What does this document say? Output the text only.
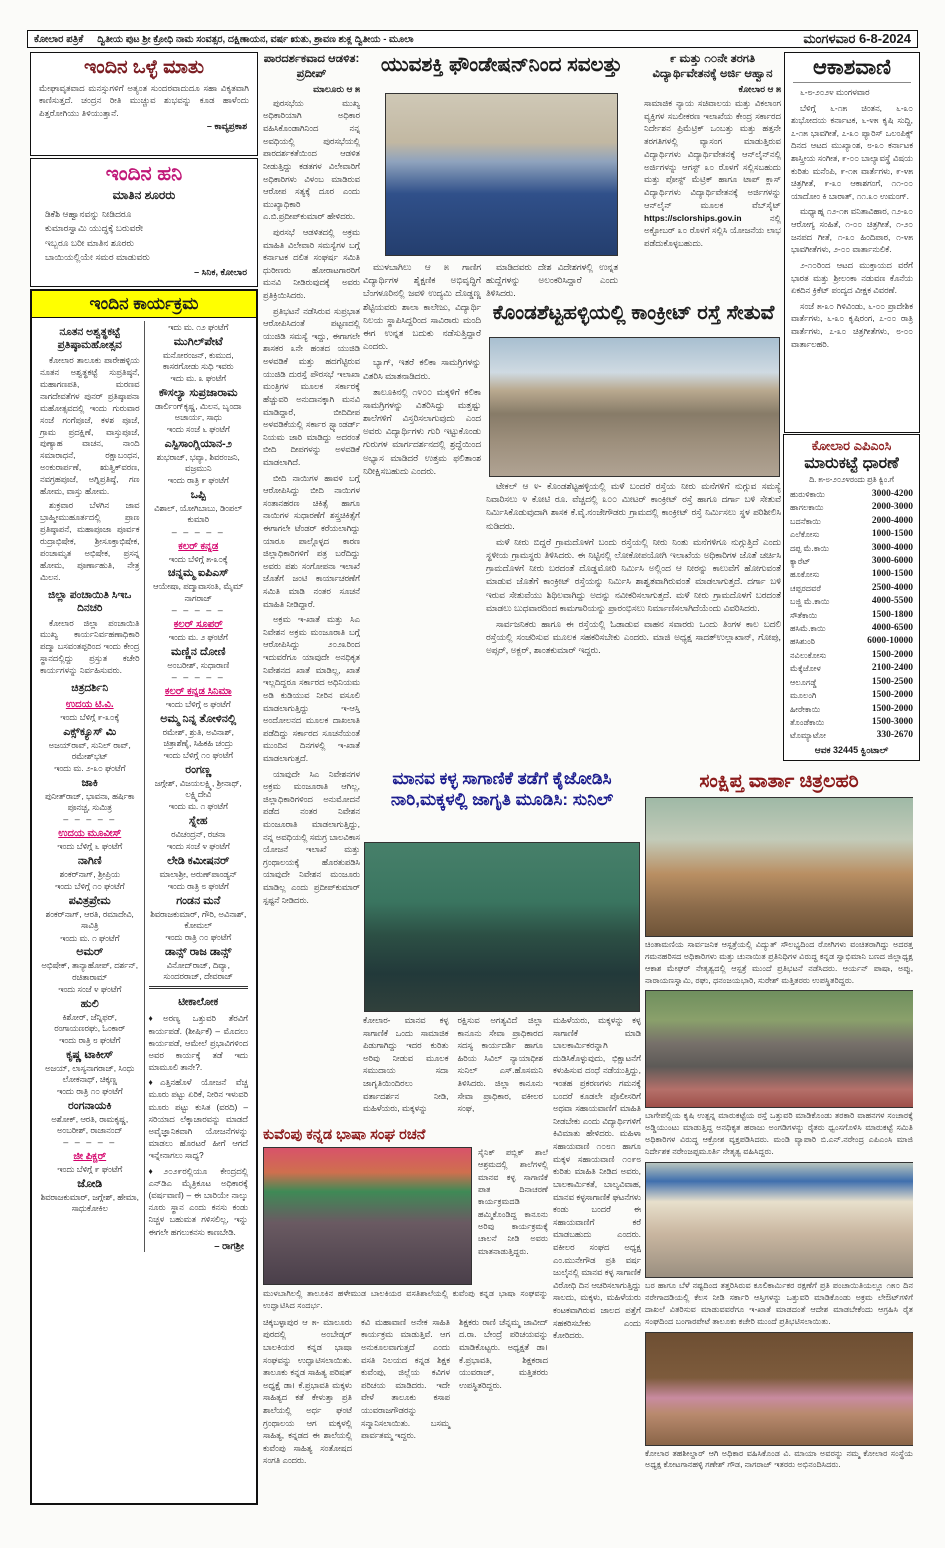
ಕೋಲಾರ ಪತ್ರಿಕೆ ದ್ವಿತೀಯ ಪುಟ ಶ್ರೀ ಕ್ರೋಧಿ ನಾಮ ಸಂವತ್ಸರ, ದಕ್ಷಿಣಾಯನ, ವರ್ಷ ಋತು, ಶ್ರಾವಣ ಶುಕ್ಲ ದ್ವಿತೀಯ - ಮೂಲಾ	ಮಂಗಳವಾರ 6-8-2024
ಇಂದಿನ ಒಳ್ಳೆ ಮಾತು
ಮೇಘಾವೃತವಾದ ಮನಸ್ಸುಗಳಿಗೆ ಅತ್ಯಂತ ಸುಂದರವಾದುದೂ ಸಹಾ ವಿಕೃತವಾಗಿ ಕಾಣಿಸುತ್ತದೆ. ಚಂದ್ರನ ರೀತಿ ಮುಚ್ಚುವ ಶುಭವನ್ನು ಕೂಡ ಹಾಳೆಂದು ಪಿತ್ತರೋಗಿಯು ತಿಳಿಯುತ್ತಾನೆ.
– ಕಾವ್ಯಪ್ರಕಾಶ
ಇಂದಿನ ಹನಿ
ಮಾತಿನ ಶೂರರು
ಡಿಕೆಶಿ ಆಹ್ವಾನವನ್ನು ನೀಡಿದರೂ
ಕುಮಾರಸ್ವಾಮಿ ಯುದ್ಧಕ್ಕೆ ಬರುವರೇ
ಇಬ್ಬರೂ ಬರೀ ಮಾತಿನ ಶೂರರು
ಬಾಯಿಯಲ್ಲಿಯೇ ಸಮರ ಮಾಡುವರು
– ಸಿನಿಕ, ಕೋಲಾರ
ಇಂದಿನ ಕಾರ್ಯಕ್ರಮ
ನೂತನ ಅಶ್ವತ್ಥಕಟ್ಟೆ ಪ್ರತಿಷ್ಠಾಮಹೋತ್ಸವ
ಕೋಲಾರ ತಾಲೂಕು ಪಾರೇಹಳ್ಳಿಯ ನೂತನ ಅಶ್ವತ್ಥಕಟ್ಟೆ ಸುಪ್ರತಿಷ್ಠನೆ, ಮಹಾಗಣಪತಿ, ಮರಣವ ನಾಗದೇವತೆಗಳ ಪುನರ್ ಪ್ರತಿಷ್ಠಾಪನಾ ಮಹೋತ್ಸವದಲ್ಲಿ ಇಂದು ಗುರುವಾರ ಸಂಜೆ ಗಂಗೆಪೂಜೆ, ಕಳಶ ಪೂಜೆ, ಗ್ರಾಮ ಪ್ರದಕ್ಷಿಣೆ, ವಾಸ್ತುಪೂಜೆ, ಪುಣ್ಯಾಹ ವಾಚನ, ನಾಂದಿ ಸಮಾರಾಧನೆ, ರಕ್ಷಾಬಂಧನ, ಅಂಕುರಾರ್ಪಣೆ, ಋತ್ವಿಕ್‌ವರಣ, ನವಗ್ರಹಪೂಜೆ, ಅಗ್ನಿಪ್ರತಿಷ್ಠೆ, ಗಣ ಹೋಮ, ವಾಸ್ತು ಹೋಮ.
ಶುಕ್ರವಾರ ಬೆಳಗಿನ ಜಾವ ಬ್ರಾಹ್ಮೀಮುಹೂರ್ತದಲ್ಲಿ ಪ್ರಾಣ ಪ್ರತಿಷ್ಠಾಪನೆ, ಮಹಾಪೂಜಾ ಪೂರ್ವಕ ರುದ್ರಾಭಿಷೇಕ, ಶ್ರೀಸೂಕ್ತಾಭಿಷೇಕ, ಪಂಚಾಮೃತ ಅಭಿಷೇಕ, ಪ್ರಸನ್ನ ಹೋಮ, ಪೂರ್ಣಾಹುತಿ, ನೇತ್ರ ಮಿಲನ.
ಜಿಲ್ಲಾ ಪಂಚಾಯಿತಿ ಸಿಇಒ ದಿನಚರಿ
ಕೋಲಾರ ಜಿಲ್ಲಾ ಪಂಚಾಯಿತಿ ಮುಖ್ಯ ಕಾರ್ಯನಿರ್ವಹಣಾಧಿಕಾರಿ ಪದ್ಮಾ ಬಸವಂತಪ್ಪರಿಂದ ಇಂದು ಕೇಂದ್ರ ಸ್ಥಾನದಲ್ಲಿದ್ದು ಪ್ರಸ್ತುತ ಕಚೇರಿ ಕಾರ್ಯಗಳನ್ನು ನಿರ್ವಹಿಸುವರು.
ಚಿತ್ರದರ್ಶಿನಿ
ಉದಯ ಟಿ.ವಿ.
ಇಂದು ಬೆಳಿಗ್ಗೆ ೯-೩೦ಕ್ಕೆ
ಎಕ್ಸ್‌ಕ್ಯೂಸ್ ಮಿ
ಅಜಯ್‌ರಾವ್, ಸುನಿಲ್ ರಾವ್, ರಮೇಶ್‌ಭಟ್
ಇಂದು ಮ. ೨-೩೦ ಘಂಟೆಗೆ
ಜಾಕಿ
ಪುನೀತ್‌ರಾಜ್, ಭಾವನಾ, ಹರ್ಷಿಕಾ ಪೂನಚ್ಚ, ಸುಮಿತ್ರ
– – – – –
ಉದಯ ಮೂವೀಸ್
ಇಂದು ಬೆಳಿಗ್ಗೆ ೬ ಘಂಟೆಗೆ
ನಾಗಿಣಿ
ಶಂಕರ್‌ನಾಗ್, ಶ್ರೀಪ್ರಿಯ
ಇಂದು ಬೆಳಿಗ್ಗೆ ೧೦ ಘಂಟೆಗೆ
ಪವಿತ್ರಪ್ರೇಮ
ಶಂಕರ್‌ನಾಗ್, ಆರತಿ, ರಮಾದೇವಿ, ಸಾವಿತ್ರಿ
ಇಂದು ಮ. ೧ ಘಂಟೆಗೆ
ಅಮರ್
ಅಭಿಷೇಕ್, ತಾನ್ಯಾಹೋಪ್, ದರ್ಶನ್, ರಚಿತಾರಾಮ್
ಇಂದು ಸಂಜೆ ೪ ಘಂಟೆಗೆ
ಹುಲಿ
ಕಿಶೋರ್, ಜೆನ್ನಿಫರ್, ರಂಗಾಯಣರಘು, ಓಂಕಾರ್
ಇಂದು ರಾತ್ರಿ ೮ ಘಂಟೆಗೆ
ಕೃಷ್ಣ ಟಾಕೀಸ್
ಅಜಯ್, ಲಾಸ್ಯನಾಗರಾಜ್, ಸಿಂಧು ಲೋಕನಾಥ್, ಚಿಕ್ಕಣ್ಣ
ಇಂದು ರಾತ್ರಿ ೧೦ ಘಂಟೆಗೆ
ರಂಗನಾಯಕಿ
ಅಶೋಕ್, ಆರತಿ, ರಾಮಕೃಷ್ಣ, ಅಂಬರೀಶ್, ರಾಜಾನಂದ್
– – – – –
ಜೀ ಪಿಕ್ಚರ್
ಇಂದು ಬೆಳಿಗ್ಗೆ ೯ ಘಂಟೆಗೆ
ಜೋಡಿ
ಶಿವರಾಜಕುಮಾರ್, ಜಗ್ಗೇಶ್, ಹೇಮಾ, ಸಾಧುಕೋಕಿಲ
ಇದು ಮ. ೧೨ ಘಂಟೆಗೆ
ಮುಗಿಲ್‌ಪೇಟೆ
ಮನೋರಂಜನ್, ಕುಮುದ, ಕಾಸರಗೋಡು ಸುಧಿ ಇವರು
ಇದು ಮ. ೩ ಘಂಟೆಗೆ
ಕೌಸಲ್ಯಾ ಸುಪ್ರಜಾರಾಮ
ಡಾರ್ಲಿಂಗ್‌ಕೃಷ್ಣ, ಮಿಲನ, ಬೃಂದಾ ಅಚಾರ್ಯ, ಸಾಧು
ಇಂದು ಸಂಜೆ ೬ ಘಂಟೆಗೆ
ಎಸ್ಪಿಸಾಂಗ್ಲಿಯಾನ-೨
ಶುಭರಾಜ್, ಭವ್ಯಾ, ಶಿವರಂಜನಿ, ವಜ್ರಮುನಿ
ಇಂದು ರಾತ್ರಿ ೯ ಘಂಟೆಗೆ
ಒಪ್ಪಿ
ವಿಶಾಲ್, ಯೋಗಿಬಾಬು, ಡಿಂಪಲ್ ಕುಮಾರಿ
– – – – –
ಕಲರ್ ಕನ್ನಡ
ಇಂದು ಬೆಳಿಗ್ಗೆ ೫-೩೦ಕ್ಕೆ
ಚನ್ನಮ್ಮ ಐಪಿಎಸ್
ಆಯೇಷಾ, ಪದ್ಮಾವಾಸಂತಿ, ಮೈಮ್ ನಾಗರಾಜ್
– – – – –
ಕಲರ್ ಸೂಪರ್
ಇಂದು ಮ. ೨ ಘಂಟೆಗೆ
ಮಣ್ಣಿನ ದೋಣಿ
ಅಂಬರೀಶ್, ಸುಧಾರಾಣಿ
– – – – –
ಕಲರ್ ಕನ್ನಡ ಸಿನಿಮಾ
ಇಂದು ಬೆಳಿಗ್ಗೆ ೮ ಘಂಟೆಗೆ
ಅಮ್ಮ ನಿನ್ನ ತೋಳಿನಲ್ಲಿ
ರಮೇಶ್, ಶ್ರುತಿ, ಅವಿನಾಶ್, ಚಿತ್ರಾಶೆಣೈ, ಸಿಹಿಕಹಿ ಚಂದ್ರು
ಇಂದು ಬೆಳಿಗ್ಗೆ ೧೦ ಘಂಟೆಗೆ
ರಂಗಣ್ಣ
ಜಗ್ಗೇಶ್, ವಿಜಯಲಕ್ಷ್ಮಿ, ಶ್ರೀನಾಥ್, ಲಕ್ಷ್ಮಿದೇವಿ
ಇಂದು ಮ. ೧ ಘಂಟೆಗೆ
ಸ್ನೇಹ
ರವಿಚಂದ್ರನ್, ರಚನಾ
ಇಂದು ಸಂಜೆ ೪ ಘಂಟೆಗೆ
ಲೇಡಿ ಕಮೀಷನರ್
ಮಾಲಾಶ್ರೀ, ಅರುಣ್‌ಪಾಂಡ್ಯನ್
ಇಂದು ರಾತ್ರಿ ೮ ಘಂಟೆಗೆ
ಗಂಡನ ಮನೆ
ಶಿವರಾಜಕುಮಾರ್, ಗೌರಿ, ಅವಿನಾಶ್, ಕೋಮಲ್
ಇಂದು ರಾತ್ರಿ ೧೦ ಘಂಟೆಗೆ
ಡಾನ್ಸ್ ರಾಜ ಡಾನ್ಸ್
ವಿನೋದ್‌ರಾಜ್, ದಿವ್ಯಾ, ಸುಂದರರಾಜ್, ದೇವರಾಜ್
ಟೀಕಾಲೋಕ
♦ಅರಣ್ಯ ಒತ್ತುವರಿ ತೆರವಿಗೆ ಕಾರ್ಯಪಡೆ. (ಶೀರ್ಷಿಕೆ) – ಮೊದಲು ಕಾರ್ಯಪಡೆ, ಆಮೇಲೆ ಪ್ರಭಾವಿಗಳಿಂದ ಅವರ ಕಾರ್ಯಕ್ಕೆ ತಡೆ ಇದು ಮಾಮೂಲಿ ತಾನೇ?.
♦ಎತ್ತಿನಹೊಳೆ ಯೋಜನೆ ವೆಚ್ಚ ಮೂರು ಪಟ್ಟು ಏರಿಕೆ, ನೀರಿನ ಇಳುವರಿ ಮೂರು ಪಟ್ಟು ಕುಸಿತ (ವರದಿ) – ಸರಿಯಾದ ಲೆಕ್ಕಾಚಾರವನ್ನು ಮಾಡದೆ ಅವೈಜ್ಞಾನಿಕವಾಗಿ ಯೋಜನೆಗಳನ್ನು ಮಾಡಲು ಹೊರಟರೆ ಹೀಗೆ ಆಗದೆ ಇನ್ನೇನಾಗಲು ಸಾಧ್ಯ?
♦೨೦೨೯ರಲ್ಲಿಯೂ ಕೇಂದ್ರದಲ್ಲಿ ಎನ್‌ಡಿಎ ಮೈತ್ರಿಕೂಟ ಅಧಿಕಾರಕ್ಕೆ (ವರ್ಷವಾಣಿ) – ಈ ಬಾರಿಯೇ ನಾಲ್ಕು ನೂರು ಸ್ಥಾನ ಎಂದು ಕನಸು ಕಂಡು ನಿಚ್ಚಳ ಬಹುಮತ ಗಳಿಸಲಿಲ್ಲ, ಇನ್ನು ಈಗಲೇ ಹಗಲುಕನಸು ಕಾಣಬೇಡಿ.
– ರಾಗಶ್ರೀ
ಪಾರದರ್ಶಕವಾದ ಆಡಳಿತ: ಪ್ರದೀಪ್
ಮಾಲೂರು ಆ ೫

ಪುರಸಭೆಯ ಮುಖ್ಯ ಅಧಿಕಾರಿಯಾಗಿ ಅಧಿಕಾರ ವಹಿಸಿಕೊಂಡಾಗಿನಿಂದ ನನ್ನ ಅವಧಿಯಲ್ಲಿ ಪುರಸಭೆಯಲ್ಲಿ ಪಾರದರ್ಶಕತೆಯಿಂದ ಆಡಳಿತ ನೀಡುತ್ತಿದ್ದು ಕಡತಗಳ ವಿಲೇವಾರಿಗೆ ಅಧಿಕಾರಿಗಳು ವಿಳಂಬ ಮಾಡಿರುವ ಆರೋಪ ಸತ್ಯಕ್ಕೆ ದೂರ ಎಂದು ಮುಖ್ಯಾಧಿಕಾರಿ ಎ.ಬಿ.ಪ್ರದೀಪ್‌ಕುಮಾರ್ ಹೇಳಿದರು.

ಪುರಸಭೆ ಆಡಳಿತದಲ್ಲಿ ಅಕ್ರಮ ಮಾಹಿತಿ ವಿಲೇವಾರಿ ಸಮಸ್ಯೆಗಳ ಬಗ್ಗೆ ಕರ್ನಾಟಕ ದಲಿತ ಸಂಘರ್ಷ ಸಮಿತಿ ಧುರೀಣರು ಹೋರಾಟಗಾರರಿಗೆ ಮನವಿ ನೀಡಿರುವುದಕ್ಕೆ ಅವರು ಪ್ರತಿಕ್ರಿಯಿಸಿದರು.

ಪ್ರತಿಭಟನೆ ನಡೆಸಿರುವ ಸುಪ್ರಭಾತ ಆರೋಪಿಸಿದಂತೆ ಪಟ್ಟಣದಲ್ಲಿ ಯುಜಿಡಿ ಸಮಸ್ಯೆ ಇದ್ದು, ಈಗಾಗಲೇ ಶಾಸಕರ ೩ನೇ ಹಂತದ ಯುಜಿಡಿ ಅಳವಡಿಕೆ ಮತ್ತು ಹದಗೆಟ್ಟಿರುವ ಯುಜಿಡಿ ದುರಸ್ತೆ ಪೌರಸಭೆ ಇಲಾಖಾ ಮಂತ್ರಿಗಳ ಮೂಲಕ ಸರ್ಕಾರಕ್ಕೆ ಹೆಚ್ಚುವರಿ ಅನುದಾನಕ್ಕಾಗಿ ಮನವಿ ಮಾಡಿದ್ದಾರೆ, ಬೀದಿದೀಪ ಅಳವಡಿಕೆಯಲ್ಲಿ ಸರ್ಕಾರ ಸ್ಟ್ಯಾಂಡರ್ಡ್ ನಿಯಮ ಜಾರಿ ಮಾಡಿದ್ದು ಅದರಂತೆ ಬೀದಿ ದೀಪಗಳನ್ನು ಅಳವಡಿಕೆ ಮಾಡಲಾಗಿದೆ.

ಬೀದಿ ನಾಯಿಗಳ ಹಾವಳಿ ಬಗ್ಗೆ ಆರೋಪಿಸಿದ್ದು ಬೀದಿ ನಾಯಿಗಳ ಸಂತಾನಹರಣ ಚಿಕಿತ್ಸೆ ಹಾಗೂ ನಾಯಿಗಳ ಸುಧಾರಣೆಗೆ ಶಸ್ತ್ರಚಿಕಿತ್ಸೆಗೆ ಈಗಾಗಲೇ ಟೆಂಡರ್ ಕರೆಯಲಾಗಿದ್ದು ಯಾರೂ ಪಾಲ್ಗೊಳ್ಳದ ಕಾರಣ ಜಿಲ್ಲಾಧಿಕಾರಿಗಳಿಗೆ ಪತ್ರ ಬರೆದಿದ್ದು ಅವರು ಪಶು ಸಂಗೋಪನಾ ಇಲಾಖೆ ಜೊತೆಗೆ ಜಂಟಿ ಕಾರ್ಯಾಚರಣೆಗೆ ಸಮಿತಿ ಮಾಡಿ ನಂತರ ಸೂಚನೆ ಮಾಹಿತಿ ನೀಡಿದ್ದಾರೆ.

ಅಕ್ರಮ ಇ-ಖಾತೆ ಮತ್ತು ಸಿಎ ನಿವೇಶನ ಅಕ್ರಮ ಮಂಜೂರಾತಿ ಬಗ್ಗೆ ಆರೋಪಿಸಿದ್ದು ೨೦೨೩ರಿಂದ ಇದುವರೆಗೂ ಯಾವುದೇ ಅನಧಿಕೃತ ನಿವೇಶನದ ಖಾತೆ ಮಾಡಿಲ್ಲ, ಖಾತೆ ಇಲ್ಲದಿದ್ದರೂ ಸರ್ಕಾರದ ಅಧಿನಿಯಮ ಅಡಿ ಕುಡಿಯುವ ನೀರಿನ ವಸೂಲಿ ಮಾಡಲಾಗುತ್ತಿದ್ದು ಇ-ಆಸ್ತಿ ಅಂದೋಲನದ ಮೂಲಕ ದಾಖಲಾತಿ ಪಡೆದಿದ್ದು ಸರ್ಕಾರದ ಸೂಚನೆಯಂತೆ ಮುಂದಿನ ದಿನಗಳಲ್ಲಿ ಇ-ಖಾತೆ ಮಾಡಲಾಗುತ್ತದೆ.

ಯಾವುದೇ ಸಿಎ ನಿವೇಶನಗಳ ಅಕ್ರಮ ಮಂಜೂರಾತಿ ಆಗಿಲ್ಲ, ಜಿಲ್ಲಾಧಿಕಾರಿಗಳಿಂದ ಅನುಮೋದನೆ ಪಡೆದ ನಂತರ ನಿವೇಶನ ಮಂಜೂರಾತಿ ಮಾಡಲಾಗುತ್ತಿದ್ದು, ನನ್ನ ಅವಧಿಯಲ್ಲಿ ಸಮಗ್ರ ಬಾಲವಿಕಾಸ ಯೋಜನೆ ಇಲಾಖೆ ಮತ್ತು ಗ್ರಂಥಾಲಯಕ್ಕೆ ಹೊರತುಪಡಿಸಿ ಯಾವುದೇ ನಿವೇಶನ ಮಂಜೂರು ಮಾಡಿಲ್ಲ ಎಂದು ಪ್ರದೀಪ್‌ಕುಮಾರ್ ಸ್ಪಷ್ಟನೆ ನೀಡಿದರು.

ಯುವಶಕ್ತಿ ಫೌಂಡೇಷನ್‌ನಿಂದ ಸವಲತ್ತು

ಮುಳಬಾಗಿಲು ಆ ೫ ಗಾಣಿಗ ವಿದ್ಯಾರ್ಥಿಗಳ ಶೈಕ್ಷಣಿಕ ಅಭಿವೃದ್ಧಿಗೆ ಬೆಂಗಳೂರಿನಲ್ಲಿ ಜವಳಿ ಉದ್ಯಮಿ ದೊಡ್ಡಣ್ಣ ಶೆಟ್ಟಿಯವರು ಶಾಲಾ ಕಾಲೇಜು, ವಿದ್ಯಾರ್ಥಿ ನಿಲಯ ಸ್ಥಾಪಿಸಿದ್ದರಿಂದ ಸಾವಿರಾರು ಮಂದಿ ಈಗ ಉನ್ನತ ಬದುಕು ನಡೆಸುತ್ತಿದ್ದಾರೆ ಎಂದರು.

ಬ್ಯಾಗ್, ಇತರೆ ಕಲಿಕಾ ಸಾಮಗ್ರಿಗಳನ್ನು ವಿತರಿಸಿ ಮಾತನಾಡಿದರು.

ತಾಲೂಕಿನಲ್ಲಿ ೧೪೦೦ ಮಕ್ಕಳಿಗೆ ಕಲಿಕಾ ಸಾಮಗ್ರಿಗಳನ್ನು ವಿತರಿಸಿದ್ದು ಮತ್ತಷ್ಟು ಶಾಲೆಗಳಿಗೆ ವಿಸ್ತರಿಸಲಾಗುವುದು ಎಂದ ಅವರು ವಿದ್ಯಾರ್ಥಿಗಳು ಗುರಿ ಇಟ್ಟುಕೊಂಡು ಗುರುಗಳ ಮಾರ್ಗದರ್ಶನದಲ್ಲಿ ಶ್ರದ್ಧೆಯಿಂದ ಅಭ್ಯಾಸ ಮಾಡಿದರೆ ಉತ್ತಮ ಫಲಿತಾಂಶ ನಿರೀಕ್ಷಿಸಬಹುದು ಎಂದರು.

ಮಾಡಿದವರು ದೇಶ ವಿದೇಶಗಳಲ್ಲಿ ಉನ್ನತ ಹುದ್ದೆಗಳನ್ನು ಅಲಂಕರಿಸಿದ್ದಾರೆ ಎಂದು ತಿಳಿಸಿದರು.

೯ ಮತ್ತು ೧೦ನೇ ತರಗತಿ
ವಿದ್ಯಾರ್ಥಿವೇತನಕ್ಕೆ ಅರ್ಜಿ ಆಹ್ವಾನ
ಕೋಲಾರ ಆ ೫
ಸಾಮಾಜಿಕ ನ್ಯಾಯ ಸಚಿವಾಲಯ ಮತ್ತು ವಿಕಲಾಂಗ ವ್ಯಕ್ತಿಗಳ ಸಬಲೀಕರಣ ಇಲಾಖೆಯ ಕೇಂದ್ರ ಸರ್ಕಾರದ ನಿರ್ದೇಶನ ಪ್ರಿಮೆಟ್ರಿಕ್ ಒಂಬತ್ತು ಮತ್ತು ಹತ್ತನೇ ತರಗತಿಗಳಲ್ಲಿ ವ್ಯಾಸಂಗ ಮಾಡುತ್ತಿರುವ ವಿದ್ಯಾರ್ಥಿಗಳು ವಿದ್ಯಾರ್ಥಿವೇತನಕ್ಕೆ ಆನ್‌ಲೈನ್‌ನಲ್ಲಿ ಅರ್ಜಿಗಳನ್ನು ಆಗಸ್ಟ್ ೩೦ ರೊಳಗೆ ಸಲ್ಲಿಸಬಹುದು ಮತ್ತು ಪೋಸ್ಟ್ ಮೆಟ್ರಿಕ್ ಹಾಗೂ ಟಾಪ್ ಕ್ಲಾಸ್ ವಿದ್ಯಾರ್ಥಿಗಳು ವಿದ್ಯಾರ್ಥಿವೇತನಕ್ಕೆ ಅರ್ಜಿಗಳನ್ನು ಆನ್‌ಲೈನ್ ಮೂಲಕ ವೆಬ್‌ಸೈಟ್ https://sclorships.gov.in	ನಲ್ಲಿ ಅಕ್ಟೋಬರ್ ೩೦ ರೊಳಗೆ ಸಲ್ಲಿಸಿ ಯೋಜನೆಯ ಲಾಭ ಪಡೆದುಕೊಳ್ಳಬಹುದು.
ಕೊಂಡಶೆಟ್ಟಹಳ್ಳಿಯಲ್ಲಿ ಕಾಂಕ್ರೀಟ್ ರಸ್ತೆ ಸೇತುವೆ

ಟೇಕಲ್ ಆ ೪- ಕೊಂಡಶೆಟ್ಟಹಳ್ಳಿಯಲ್ಲಿ ಮಳೆ ಬಂದರೆ ರಸ್ತೆಯ ನೀರು ಮನೆಗಳಿಗೆ ನುಗ್ಗುವ ಸಮಸ್ಯೆ ನಿವಾರಿಸಲು ೪ ಕೋಟಿ ರೂ. ವೆಚ್ಚದಲ್ಲಿ ೩೦೦ ಮೀಟರ್ ಕಾಂಕ್ರೀಟ್ ರಸ್ತೆ ಹಾಗೂ ದರ್ಗಾ ಬಳಿ ಸೇತುವೆ ನಿರ್ಮಿಸಿಕೊಡುವುದಾಗಿ ಶಾಸಕ ಕೆ.ವೈ.ನಂಜೇಗೌಡರು ಗ್ರಾಮದಲ್ಲಿ ಕಾಂಕ್ರೀಟ್ ರಸ್ತೆ ನಿರ್ಮಿಸಲು ಸ್ಥಳ ಪರಿಶೀಲಿಸಿ ನುಡಿದರು.

ಮಳೆ ನೀರು ಬಿದ್ದರೆ ಗ್ರಾಮದೊಳಗೆ ಬಂದು ರಸ್ತೆಯಲ್ಲಿ ನೀರು ನಿಂತು ಮನೆಗಳಿಗೂ ನುಗ್ಗುತ್ತಿದೆ ಎಂದು ಸ್ಥಳೀಯ ಗ್ರಾಮಸ್ಥರು ತಿಳಿಸಿದರು. ಈ ನಿಟ್ಟಿನಲ್ಲಿ ಲೋಕೋಪಯೋಗಿ ಇಲಾಖೆಯ ಅಧಿಕಾರಿಗಳ ಜೊತೆ ಚರ್ಚಿಸಿ ಗ್ರಾಮದೊಳಗೆ ನೀರು ಬರದಂತೆ ದೊಡ್ಡಮೋರಿ ನಿರ್ಮಿಸಿ ಅಲ್ಲಿಂದ ಆ ನೀರನ್ನು ಕಾಲುವೆಗೆ ಹೋಗುವಂತೆ ಮಾಡುವ ಜೊತೆಗೆ ಕಾಂಕ್ರೀಟ್ ರಸ್ತೆಯನ್ನು ನಿರ್ಮಿಸಿ ಶಾಶ್ವತವಾಗಿರುವಂತೆ ಮಾಡಲಾಗುತ್ತದೆ. ದರ್ಗಾ ಬಳಿ ಇರುವ ಸೇತುವೆಯು ಶಿಥಿಲವಾಗಿದ್ದು ಅದನ್ನು ನವೀಕರಿಸಲಾಗುತ್ತದೆ. ಮಳೆ ನೀರು ಗ್ರಾಮದೊಳಗೆ ಬರದಂತೆ ಮಾಡಲು ಬುಧವಾರದಿಂದ ಕಾಮಗಾರಿಯನ್ನು ಪ್ರಾರಂಭಿಸಲು ನಿರ್ಮಾಣಿಸಲಾಗಿದೆಯೆಂದು ವಿವರಿಸಿದರು.

ಸಾರ್ವಜನಿಕರು ಹಾಗೂ ಈ ರಸ್ತೆಯಲ್ಲಿ ಓಡಾಡುವ ವಾಹನ ಸವಾರರು ಒಂದು ತಿಂಗಳ ಕಾಲ ಬದಲಿ ರಸ್ತೆಯಲ್ಲಿ ಸಂಚರಿಸುವ ಮೂಲಕ ಸಹಕರಿಸಬೇಕು ಎಂದರು. ಮಾಜಿ ಅಧ್ಯಕ್ಷ ಸಾದತ್‌ಉಲ್ಲಾಖಾನ್, ಗೋಪು, ಅಪ್ಸರ್, ಅಕ್ಬರ್, ಶಾಂತಕುಮಾರ್ ಇದ್ದರು.

ಆಕಾಶವಾಣಿ

೬-೮-೨೦೨೪ ಮಂಗಳವಾರ

ಬೆಳಿಗ್ಗೆ ೬-೧೫ ಚಿಂತನ, ೬-೩೦ ಶುಭೋದಯ ಕರ್ನಾಟಕ, ೬-೪೫ ಕೃಷಿ ಸುದ್ದಿ, ೭-೧೫ ಭಾವಗೀತೆ, ೭-೩೦ ಪ್ಯಾರಿಸ್ ಒಲಂಪಿಕ್ಸ್ ದಿನದ ಆಟದ ಮುಖ್ಯಾಂಶ, ೮-೩೦ ಕರ್ನಾಟಕ ಶಾಸ್ತ್ರೀಯ ಸಂಗೀತ, ೯-೦೦ ಬಾಲ್ಯಾವಸ್ಥೆ ವಿಷಯ ಕುರಿತು ಮನೆಂಪಿ, ೯-೧೫ ವಾರ್ತೆಗಳು, ೯-೪೫ ಚಿತ್ರಗೀತೆ, ೯-೩೦ ಆಕಾಶಗಂಗೆ, ೧೧-೦೦ ಯಾದೋಂ ಕಿ ಬಾರಾತ್, ೧೧.೩೦ ಉಮಂಗ್.

ಮಧ್ಯಾಹ್ನ ೧೨-೧೫ ವನಿತಾವಿಹಾರ, ೧೨-೩೦ ಆರೋಗ್ಯ ಸಂಹಿತೆ, ೧-೦೦ ಚಿತ್ರಗೀತೆ, ೧-೨೦ ಜನಪದ ಗೀತೆ, ೧-೩೦ ಹಿಂದಿಪಾಠ, ೧-೪೫ ಭಾವಗೀತೆಗಳು, ೨-೦೦ ವಾರ್ತಾನುಲಿಕೆ.

೨-೧೦ರಿಂದ ಆಟದ ಮುಕ್ತಾಯದ ವರೆಗೆ ಭಾರತ ಮತ್ತು ಶ್ರೀಲಂಕಾ ನಡುವಣ ಕೊನೆಯ ಏಕದಿನ ಕ್ರಿಕೆಟ್ ಪಂದ್ಯದ ವೀಕ್ಷಕ ವಿವರಣೆ.

ಸಂಜೆ ೫-೩೦ ಗಿಳಿವಿಂಡು, ೬-೦೦ ಪ್ರಾದೇಶಿಕ ವಾರ್ತೆಗಳು, ೬-೩೦ ಕೃಷಿರಂಗ, ೭-೦೦ ರಾತ್ರಿ ವಾರ್ತೆಗಳು, ೭-೩೦ ಚಿತ್ರಗೀತೆಗಳು, ೮-೦೦ ವಾರ್ತಾಲಹರಿ.

ಕೋಲಾರ ಎಪಿಎಂಸಿ
ಮಾರುಕಟ್ಟೆ ಧಾರಣೆ
ದಿ. ೫-೮-೨೦೨೪ರಂದು ಪ್ರತಿ ಕ್ವಿಂ.ಗೆ
ಹುರುಳಿಕಾಯಿ	3000-4200
ಹಾಗಲಕಾಯಿ	2000-3000
ಬದನೆಕಾಯಿ	2000-4000
ಎಲೆಕೋಸು	1000-1500
ದಪ್ಪ ಮೆ.ಕಾಯಿ	3000-4000
ಕ್ಯಾರೆಟ್	3000-6000
ಹೂಕೋಸು	1000-1500
ಚಪ್ಪರದವರೆ	2500-4000
ಬಜ್ಜಿ ಮೆ.ಕಾಯಿ	4000-5500
ಸೌತೆಕಾಯಿ	1500-1800
ಹಸಿಮೆ.ಕಾಯಿ	4000-6500
ಹಸಿಶುಂಠಿ	6000-10000
ನವಿಲುಕೋಸು	1500-2000
ಮೆಕ್ಕೆಜೋಳ	2100-2400
ಆಲೂಗಡ್ಡೆ	1500-2500
ಮೂಲಂಗಿ	1500-2000
ಹೀರೇಕಾಯಿ	1500-2000
ತೊಂಡೆಕಾಯಿ	1500-3000
ಟೊಮ್ಯಾಟೋ	330-2670
ಆವಕ 32445 ಕ್ವಿಂಟಾಲ್
ಮಾನವ ಕಳ್ಳ ಸಾಗಾಣಿಕೆ ತಡೆಗೆ ಕೈಜೋಡಿಸಿ
ನಾರಿ,ಮಕ್ಕಳಲ್ಲಿ ಜಾಗೃತಿ ಮೂಡಿಸಿ: ಸುನಿಲ್
ಕೋಲಾರ- ಮಾನವ ಕಳ್ಳ ಸಾಗಾಣಿಕೆ ಒಂದು ಸಾಮಾಜಿಕ ಪಿಡುಗಾಗಿದ್ದು ಇದರ ಕುರಿತು ಅರಿವು ನೀಡುವ ಮೂಲಕ ಸಮುದಾಯ ಸದಾ ಜಾಗೃತಿಯಿಂದಿರಲು ವರ್ತಾದರ್ಶನ ನೀಡಿ, ಮಹಿಳೆಯರು, ಮಕ್ಕಳನ್ನು
ರಕ್ಷಿಸುವ ಅಗತ್ಯವಿದೆ ಜಿಲ್ಲಾ ಕಾನೂನು ಸೇವಾ ಪ್ರಾಧಿಕಾರದ ಸದಸ್ಯ ಕಾರ್ಯದರ್ಶಿ ಹಾಗೂ ಹಿರಿಯ ಸಿವಿಲ್ ನ್ಯಾಯಾಧೀಶ ಸುನಿಲ್ ಎಸ್.ಹೊಸಮನಿ ತಿಳಿಸಿದರು. ಜಿಲ್ಲಾ ಕಾನೂನು ಸೇವಾ ಪ್ರಾಧಿಕಾರ, ವಕೀಲರ ಸಂಘ,
ಮಹಿಳೆಯರು, ಮಕ್ಕಳನ್ನು ಕಳ್ಳ ಸಾಗಾಣಿಕೆ ಮಾಡಿ ಬಾಲಕಾರ್ಮಿಕರನ್ನಾಗಿ ದುಡಿಸಿಕೊಳ್ಳುವುದು, ಭಿಕ್ಷಾಟನೆಗೆ ಕಳುಹಿಸುವ ದಂಧೆ ನಡೆಯುತ್ತಿದ್ದು, ಇಂತಹ ಪ್ರಕರಣಗಳು ಗಮನಕ್ಕೆ ಬಂದರೆ ಕೂಡಲೇ ಪೊಲೀಸರಿಗೆ ಅಥವಾ ಸಹಾಯವಾಣಿಗೆ ಮಾಹಿತಿ ನೀಡಬೇಕು ಎಂದು ವಿದ್ಯಾರ್ಥಿಗಳಿಗೆ ಕಿವಿಮಾತು ಹೇಳಿದರು. ಮಹಿಳಾ ಸಹಾಯವಾಣಿ ೧೦೮೧ ಹಾಗೂ ಮಕ್ಕಳ ಸಹಾಯವಾಣಿ ೧೦೯೮ ಕುರಿತು ಮಾಹಿತಿ ನೀಡಿದ ಅವರು, ಬಾಲಕಾರ್ಮಿಕತೆ, ಬಾಲ್ಯವಿವಾಹ, ಮಾನವ ಕಳ್ಳಸಾಗಾಣಿಕೆ ಘಟನೆಗಳು ಕಂಡು ಬಂದರೆ ಈ ಸಹಾಯವಾಣಿಗೆ ಕರೆ ಮಾಡಬಹುದು ಎಂದರು. ವಕೀಲರ ಸಂಘದ ಅಧ್ಯಕ್ಷ ಎಂ.ಮುನೇಗೌಡ ಪ್ರತಿ ವರ್ಷ ಜುಲೈನಲ್ಲಿ ಮಾನವ ಕಳ್ಳ ಸಾಗಾಣಿಕೆ ವಿರೋಧಿ ದಿನ ಆಚರಿಸಲಾಗುತ್ತಿದ್ದು ಸಾಲದು, ಮಕ್ಕಳು, ಮಹಿಳೆಯರು ಕಂಟಕವಾಗಿರುವ ಜಾಲದ ಪತ್ತೆಗೆ ಸಹಕರಿಸಬೇಕು ಎಂದು ಕೋರಿದರು.
ಕುವೆಂಪು ಕನ್ನಡ ಭಾಷಾ ಸಂಘ ರಚನೆ
ಸೈನಿಕ್ ಪಬ್ಲಿಕ್ ಶಾಲೆ ಆಶ್ರಮದಲ್ಲಿ ಶಾಲೆಗಳಲ್ಲಿ ಮಾನವ ಕಳ್ಳ ಸಾಗಾಣಿಕೆ ಪಾತ ದಿನಾಚರಣೆ ಕಾರ್ಯಕ್ರಮದಡಿ ಹಮ್ಮಿಕೊಂಡಿದ್ದ ಕಾನೂನು ಅರಿವು ಕಾರ್ಯಕ್ರಮಕ್ಕೆ ಚಾಲನೆ ನೀಡಿ ಅವರು ಮಾತನಾಡುತ್ತಿದ್ದರು.
ಮುಳಬಾಗಿಲಲ್ಲಿ ತಾಲೂಕಿನ ಹಳೇಮುಡ ಬಾಲಕಿಯರ ವಸತಿಶಾಲೆಯಲ್ಲಿ ಕುವೆಂಪು ಕನ್ನಡ ಭಾಷಾ ಸಂಘವನ್ನು ಉದ್ಘಾಟಿಸಿದ ಸಂದರ್ಭ.
ಚಿಕ್ಕಬಳ್ಳಾಪುರ ಆ ೫- ಮಾಲೂರು ಪುರದಲ್ಲಿ ಅಂಬೇಡ್ಕರ್ ಬಾಲಕಿಯರ ಕನ್ನಡ ಭಾಷಾ ಸಂಘವನ್ನು ಉದ್ಘಾಟಿಸಲಾಯಿತು. ತಾಲೂಕು ಕನ್ನಡ ಸಾಹಿತ್ಯ ಪರಿಷತ್ ಅಧ್ಯಕ್ಷೆ ಡಾ। ಕೆ.ಪ್ರಭಾವತಿ ಮಕ್ಕಳು ಸಾಹಿತ್ಯದ ಕತೆ ಕೇಳುತ್ತಾ ಪ್ರತಿ ಶಾಲೆಯಲ್ಲಿ ಅರ್ಧ ಘಂಟೆ ಗ್ರಂಥಾಲಯ ಆಗ ಮಕ್ಕಳಲ್ಲಿ ಸಾಹಿತ್ಯ, ಕನ್ನಡದ ಈ ಶಾಲೆಯಲ್ಲಿ ಕುವೆಂಪು ಸಾಹಿತ್ಯ ಸಂತೋಷದ ಸಂಗತಿ ಎಂದರು.
ಕವಿ ಮಹಾವಾಣಿ ಅನೇಕ ಸಾಹಿತಿ ಕಾರ್ಯಕ್ರಮ ಮಾಡುತ್ತಿವೆ. ಆಗ ಅನುಕೂಲವಾಗುತ್ತದೆ ಎಂದು ವಸತಿ ನಿಲಯದ ಕನ್ನಡ ಶಿಕ್ಷಕ ಕುವೆಂಪು, ಜಿಲ್ಲೆಯ ಕವಿಗಳ ಪರಿಚಯ ಮಾಡಿದರು. ಇದೇ ವೇಳೆ ತಾಲೂಕು ಕಸಾಪ ಯುವರಾಜಗೌಡರನ್ನು ಸನ್ಮಾನಿಸಲಾಯಿತು. ಬಸಮ್ಮ ಪಾರ್ವತಮ್ಮ ಇದ್ದರು.
ಶಿಕ್ಷಕರು ರಾಣಿ ಚೆನ್ನಮ್ಮ ಜಾವೀದ್ ದ.ರಾ. ಬೇಂದ್ರೆ ಪರಿಚಯವನ್ನು ಮಾಡಿಕೊಟ್ಟರು. ಅಧ್ಯಕ್ಷತೆ ಡಾ। ಕೆ.ಪ್ರಭಾವತಿ, ಶಿಕ್ಷಕರಾದ ಯುವರಾಜ್, ಮತ್ತಿತರರು ಉಪಸ್ಥಿತರಿದ್ದರು.
ಸಂಕ್ಷಿಪ್ತ ವಾರ್ತಾ ಚಿತ್ರಲಹರಿ
ಚಿಂತಾಮಣಿಯ ಸಾರ್ವಜನಿಕ ಆಸ್ಪತ್ರೆಯಲ್ಲಿ ವಿದ್ಯುತ್ ಸೌಲಭ್ಯದಿಂದ ರೋಗಿಗಳು ವಂಚಿತರಾಗಿದ್ದು ಅದರತ್ತ ಗಮನಹರಿಸದ ಅಧಿಕಾರಿಗಳು ಮತ್ತು ಚುನಾಯಿತ ಪ್ರತಿನಿಧಿಗಳ ವಿರುದ್ಧ ಕನ್ನಡ ಸ್ವಾಭಿಮಾನಿ ಬಣದ ಜಿಲ್ಲಾಧ್ಯಕ್ಷ ಆಕಾಶ ಮೇಘರ್ ನೇತೃತ್ವದಲ್ಲಿ ಆಸ್ಪತ್ರೆ ಮುಂದೆ ಪ್ರತಿಭಟನೆ ನಡೆಸಿದರು. ಆರ್ಯನ್ ಪಾಷಾ, ಅಪ್ಪು, ನಾರಾಯಣಸ್ವಾಮಿ, ರಘು, ಧನಂಜಯಭಾರಿ, ಸುರೇಶ್ ಮತ್ತಿತರರು ಉಪಸ್ಥಿತರಿದ್ದರು.
ಬಾಗೇಪಲ್ಲಿಯ ಕೃಷಿ ಉತ್ಪನ್ನ ಮಾರುಕಟ್ಟೆಯ ರಸ್ತೆ ಒತ್ತುವರಿ ಮಾಡಿಕೊಂಡು ತರಕಾರಿ ವಾಹನಗಳ ಸಂಚಾರಕ್ಕೆ ಅಡ್ಡಿಯುಂಟು ಮಾಡುತ್ತಿದ್ದ ಅನಧಿಕೃತ ಹರಾಜು ಅಂಗಡಿಗಳನ್ನು ರೈತರು ಧ್ವಂಸಗೊಳಿಸಿ ಮಾರುಕಟ್ಟೆ ಸಮಿತಿ ಅಧಿಕಾರಿಗಳ ವಿರುದ್ಧ ಆಕ್ರೋಶ ವ್ಯಕ್ತಪಡಿಸಿದರು. ಮಂಡಿ ವ್ಯಾಪಾರಿ ಬಿ.ಎನ್.ನರೇಂದ್ರ ಎಪಿಎಂಸಿ ಮಾಜಿ ನಿರ್ದೇಶಕ ನರೇಂಜಪ್ಪಮೂರ್ತಿ ನೇತೃತ್ವ ವಹಿಸಿದ್ದರು.
ಬರ ಹಾಗೂ ಬೆಳೆ ನಷ್ಟದಿಂದ ತತ್ತರಿಸಿರುವ ಕೂಲಿಕಾರ್ಮಿಕರ ರಕ್ಷಣೆಗೆ ಪ್ರತಿ ಪಂಚಾಯಿತಿಯಲ್ಲೂ ೧೫೦ ದಿನ ನರೇಗಾದಡಿಯಲ್ಲಿ ಕೆಲಸ ನೀಡಿ ಸರ್ಕಾರಿ ಆಸ್ತಿಗಳನ್ನು ಒತ್ತುವರಿ ಮಾಡಿಕೊಂಡು ಅಕ್ರಮ ಲೇಔಟ್‌ಗಳಿಗೆ ದಾಖಲೆ ವಿತರಿಸುವ ಮಾಡುವವರೆಗೂ ಇ-ಖಾತೆ ಮಾಡದಂತೆ ಆದೇಶ ಮಾಡಬೇಕೆಂದು ಆಗ್ರಹಿಸಿ ರೈತ ಸಂಘದಿಂದ ಬಂಗಾರಪೇಟೆ ತಾಲೂಕು ಕಚೇರಿ ಮುಂದೆ ಪ್ರತಿಭಟಿಸಲಾಯಿತು.
ಕೋಲಾರ ತಹಶೀಲ್ದಾರ್ ಆಗಿ ಅಧಿಕಾರ ವಹಿಸಿಕೊಂಡ ವಿ. ಮಾಯಾ ಅವರನ್ನು ನಮ್ಮ ಕೋಲಾರ ಸಂಸ್ಥೆಯ ಅಧ್ಯಕ್ಷ ಕೋಟಗಾನಹಳ್ಳಿ ಗಣೇಶ್ ಗೌಡ, ನಾಗರಾಜ್ ಇತರರು ಅಭಿನಂದಿಸಿದರು.
